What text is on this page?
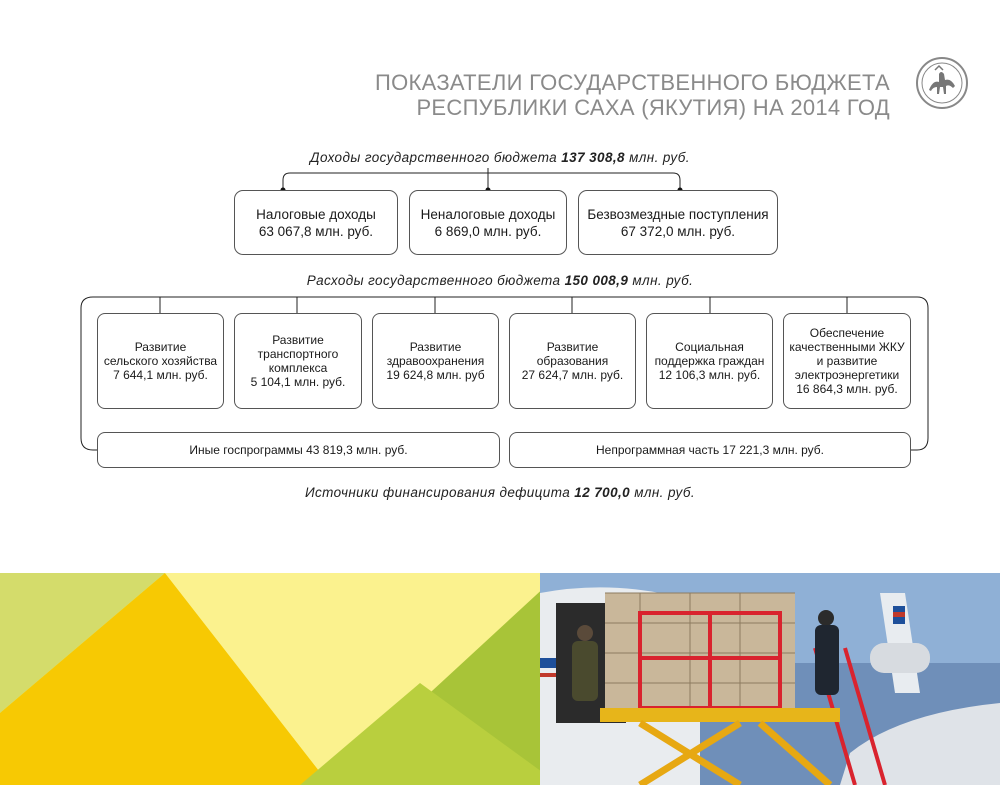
ПОКАЗАТЕЛИ ГОСУДАРСТВЕННОГО БЮДЖЕТА
РЕСПУБЛИКИ САХА (ЯКУТИЯ) НА 2014 ГОД
Доходы государственного бюджета 137 308,8 млн. руб.
Налоговые доходы
63 067,8 млн. руб.
Неналоговые доходы
6 869,0 млн. руб.
Безвозмездные поступления
67 372,0 млн. руб.
Расходы государственного бюджета 150 008,9 млн. руб.
Развитие
сельского хозяйства
7 644,1 млн. руб.
Развитие
транспортного
комплекса
5 104,1 млн. руб.
Развитие
здравоохранения
19 624,8 млн. руб
Развитие
образования
27 624,7 млн. руб.
Социальная
поддержка граждан
12 106,3 млн. руб.
Обеспечение
качественными ЖКУ
и развитие
электроэнергетики
16 864,3 млн. руб.
Иные госпрограммы 43 819,3 млн. руб.	Непрограммная часть 17 221,3 млн. руб.
Источники финансирования дефицита 12 700,0 млн. руб.
